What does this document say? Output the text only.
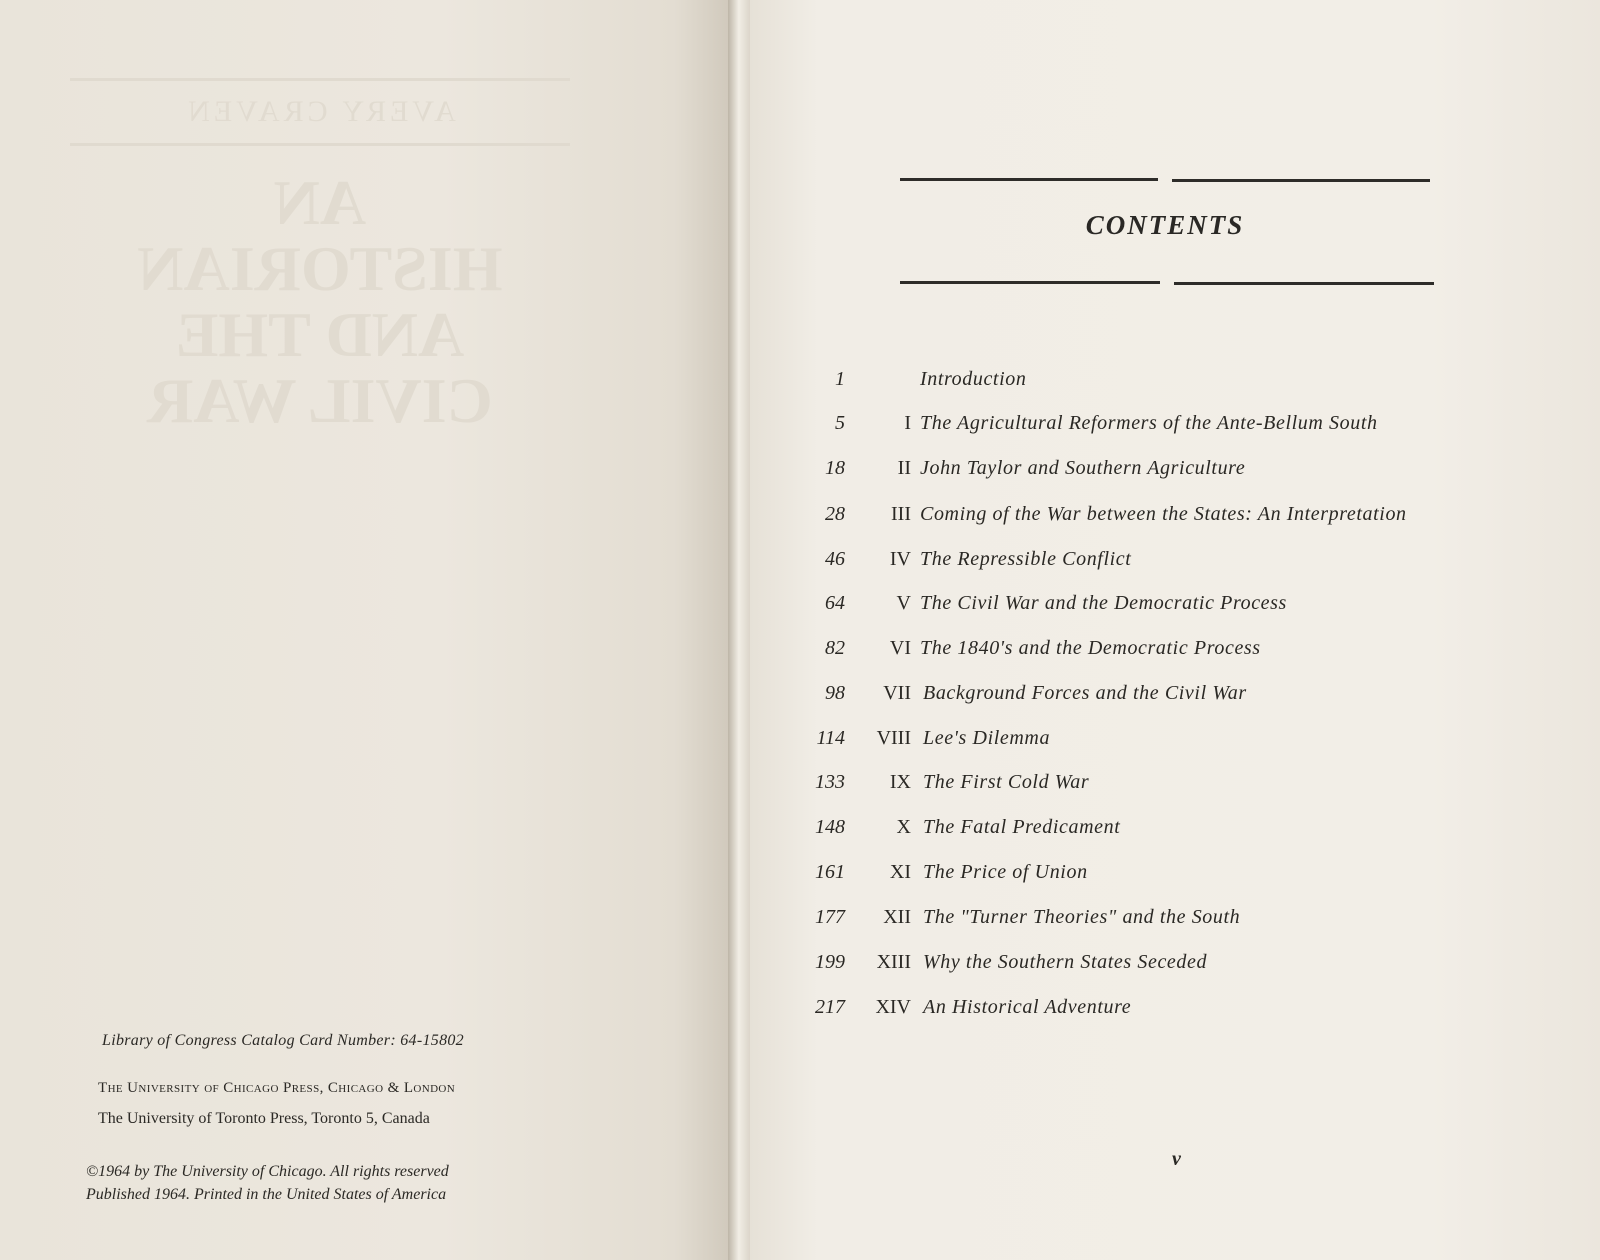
AVERY CRAVEN
AN
HISTORIAN
AND THE
CIVIL WAR

Library of Congress Catalog Card Number: 64-15802

The University of Chicago Press, Chicago & London

The University of Toronto Press, Toronto 5, Canada

©1964 by The University of Chicago. All rights reserved

Published 1964. Printed in the United States of America

CONTENTS
1	Introduction
5	I The Agricultural Reformers of the Ante-Bellum South
18	II John Taylor and Southern Agriculture
28	III Coming of the War between the States: An Interpretation
46	IV The Repressible Conflict
64	V The Civil War and the Democratic Process
82	VI The 1840's and the Democratic Process
98	VII Background Forces and the Civil War
114	VIII Lee's Dilemma
133	IX The First Cold War
148	X The Fatal Predicament
161	XI The Price of Union
177	XII The "Turner Theories" and the South
199	XIII Why the Southern States Seceded
217	XIV An Historical Adventure
v
